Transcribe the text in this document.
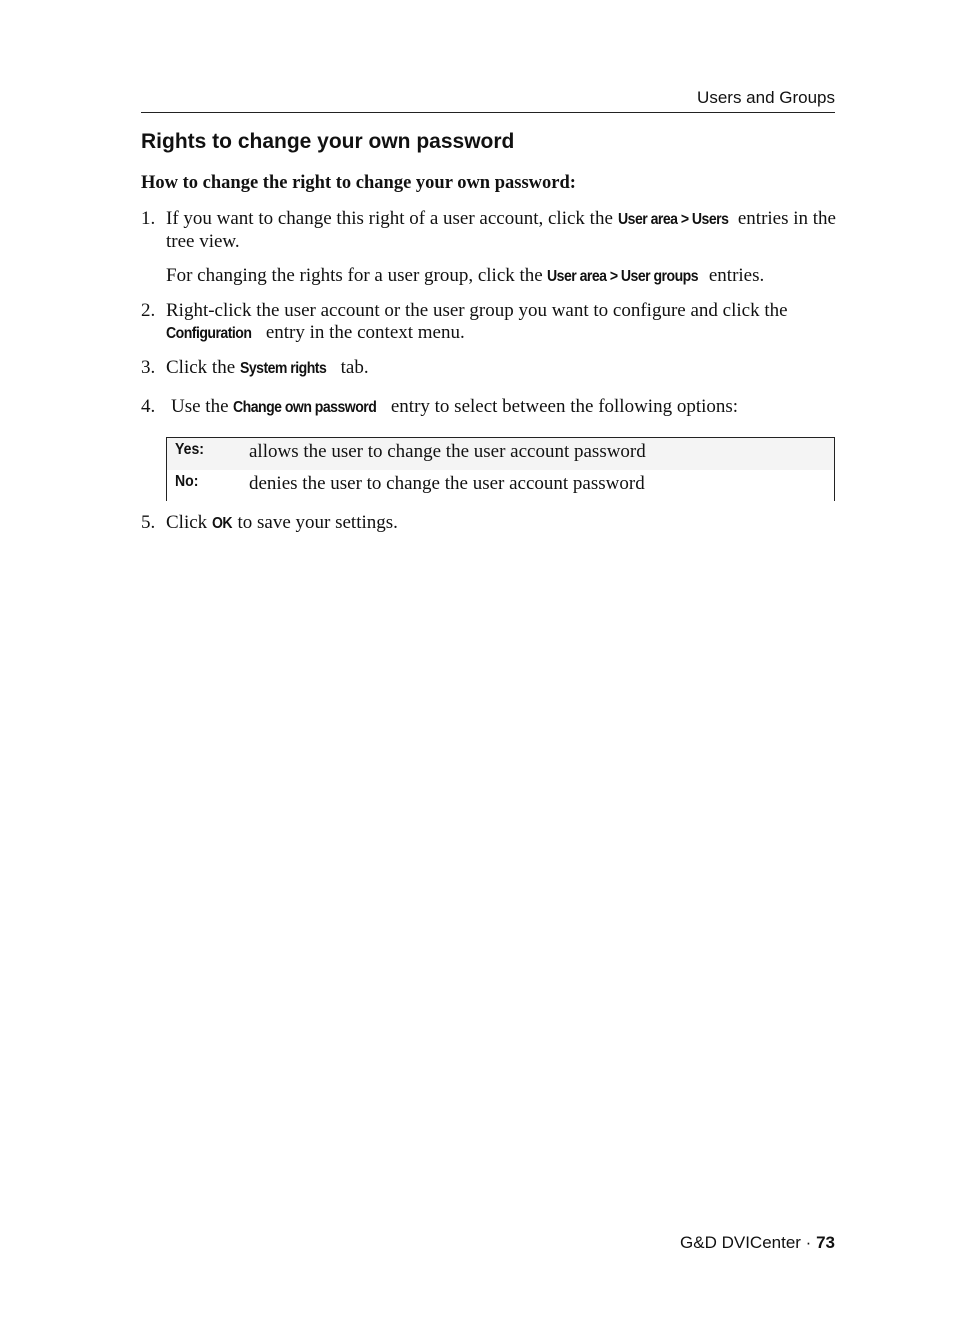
Users and Groups
Rights to change your own password

How to change the right to change your own password:

1. If you want to change this right of a user account, click the User area > Users entries in the tree view.
For changing the rights for a user group, click the User area > User groups entries.
2. Right-click the user account or the user group you want to configure and click the Configuration entry in the context menu.
3. Click the System rights tab.
4. Use the Change own password entry to select between the following options:
Yes: allows the user to change the user account password
No:	denies the user to change the user account password
5. Click OK to save your settings.
G&D DVICenter · 73
